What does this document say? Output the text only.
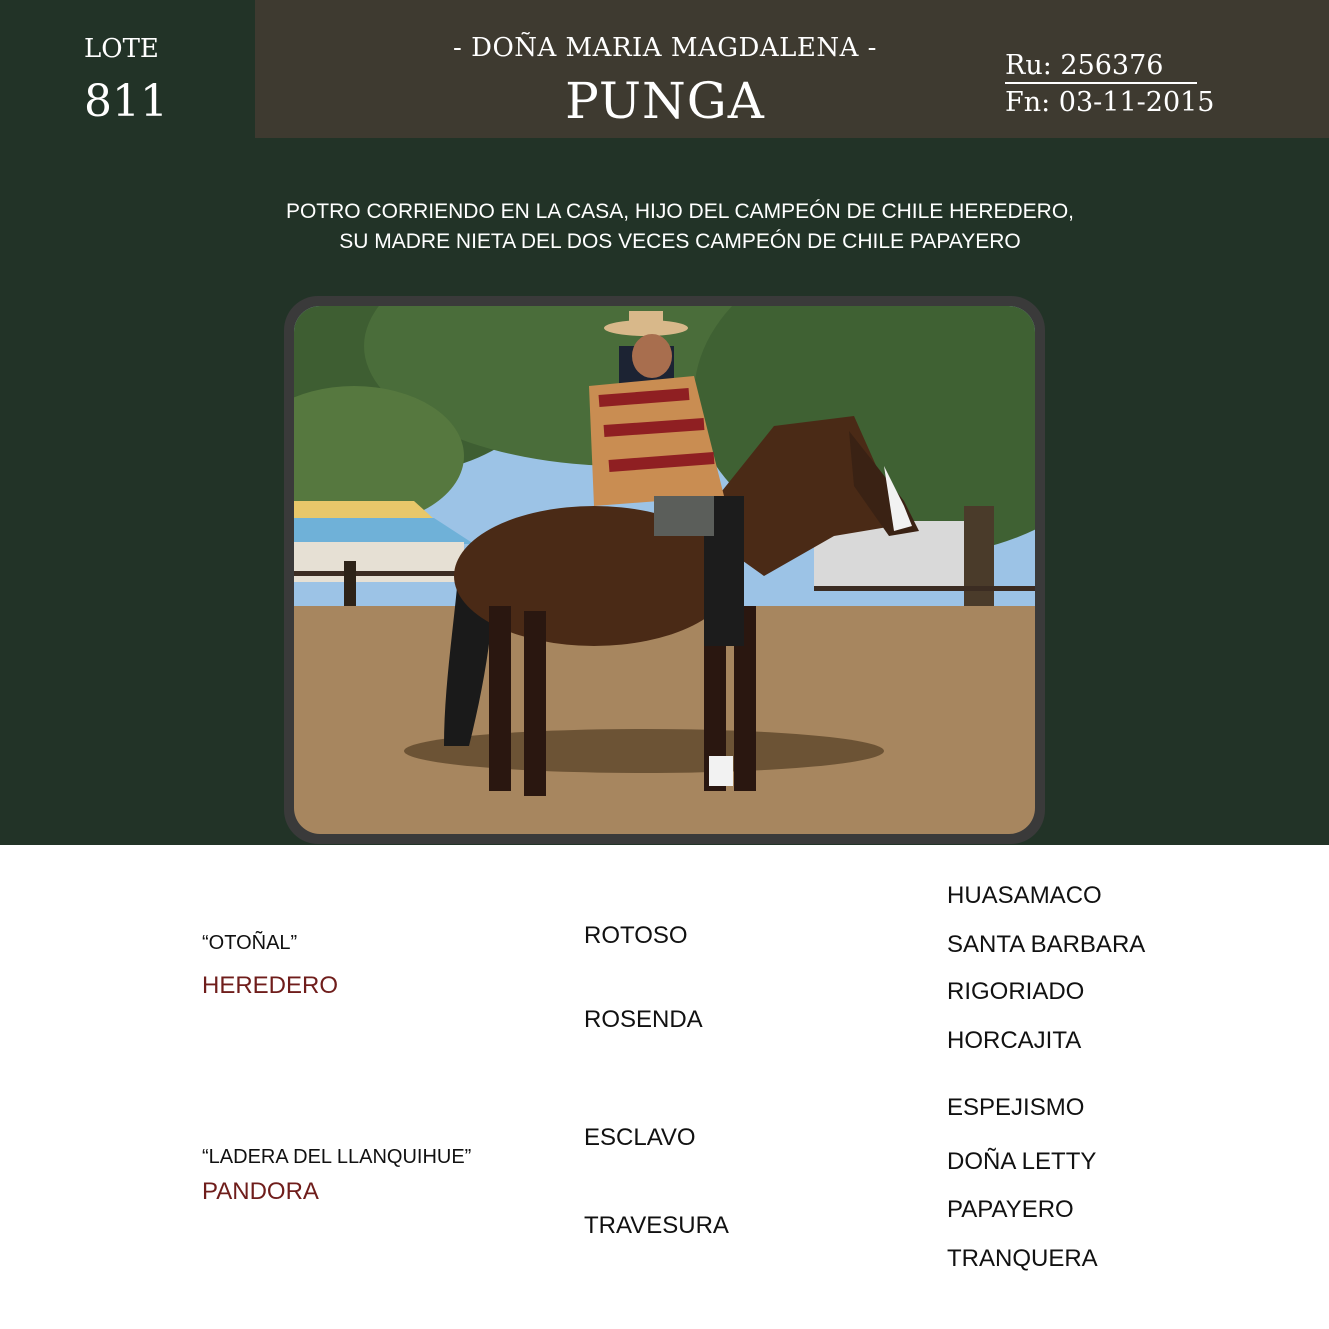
LOTE
811
- DOÑA MARIA MAGDALENA -
PUNGA
Ru: 256376
Fn: 03-11-2015
POTRO CORRIENDO EN LA CASA, HIJO DEL CAMPEÓN DE CHILE HEREDERO,
SU MADRE NIETA DEL DOS VECES CAMPEÓN DE CHILE PAPAYERO
“OTOÑAL”
HEREDERO
“LADERA DEL LLANQUIHUE”
PANDORA
ROTOSO
ROSENDA
ESCLAVO
TRAVESURA
HUASAMACO
SANTA BARBARA
RIGORIADO
HORCAJITA
ESPEJISMO
DOÑA LETTY
PAPAYERO
TRANQUERA
